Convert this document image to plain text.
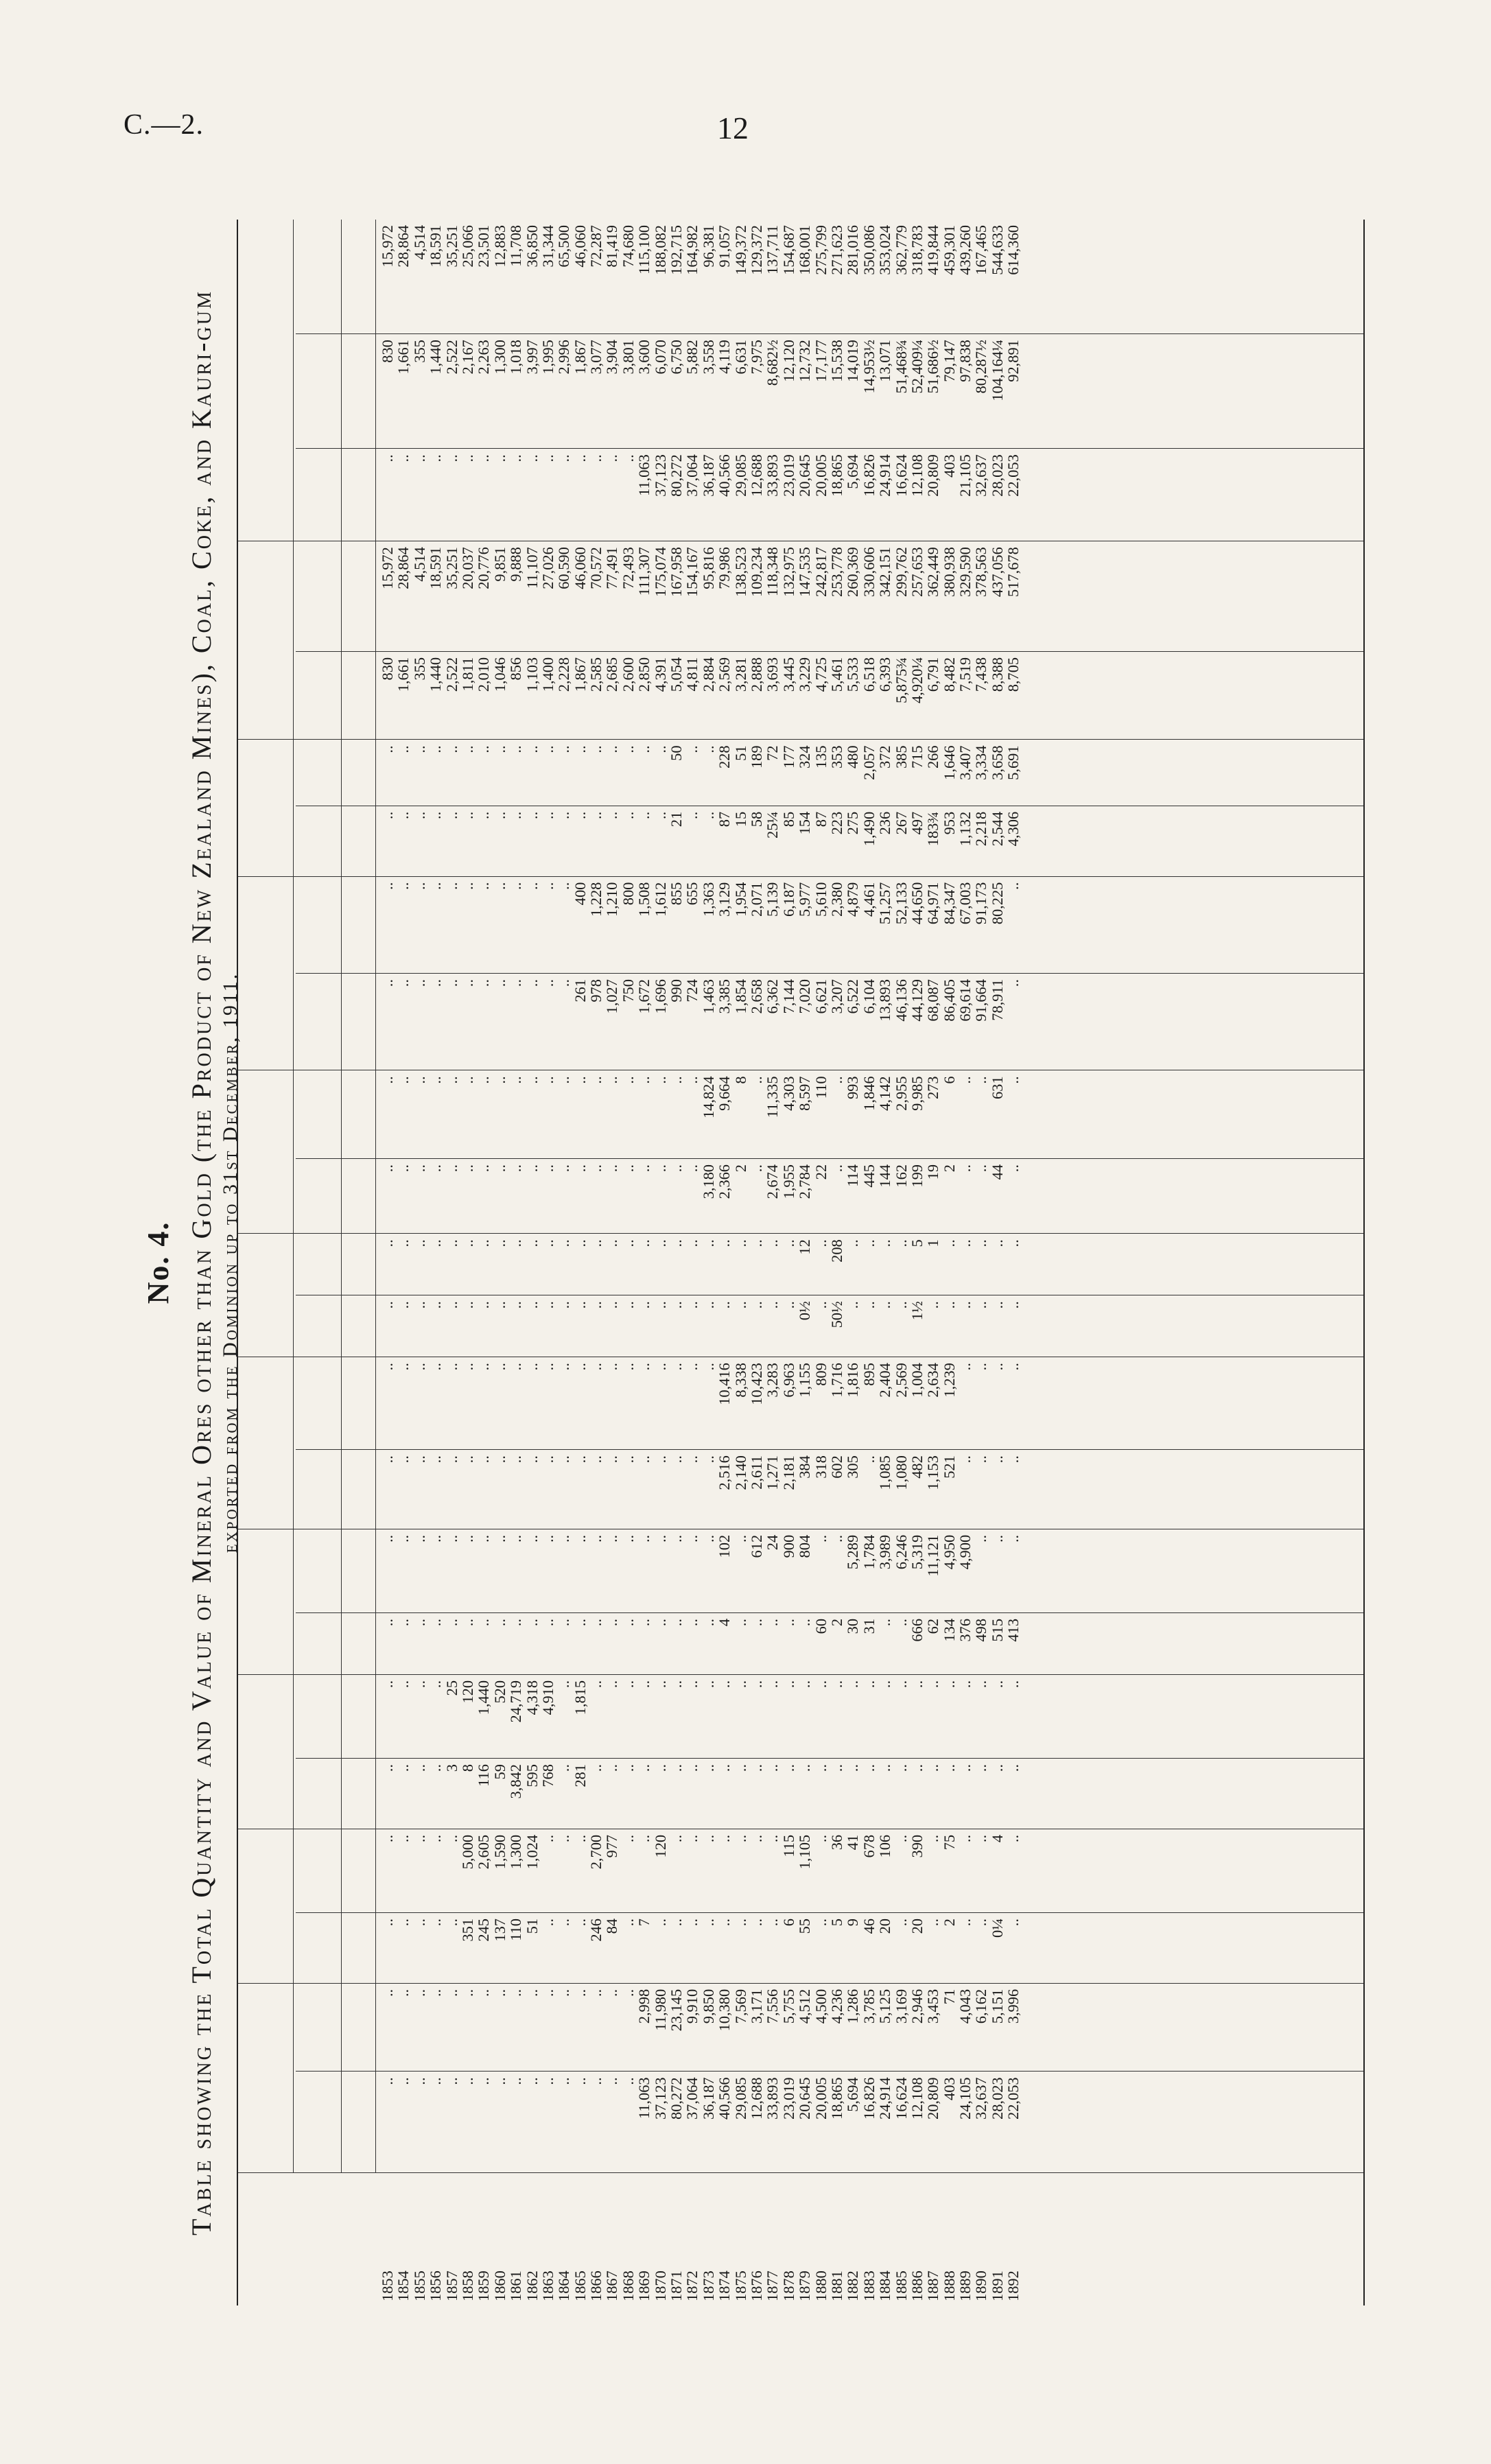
C.—2.	12
No. 4. Table showing the Total Quantity and Value of Mineral Ores other than Gold (the Product of New Zealand Mines), Coal, Coke, and Kauri-gum exported from the Dominion up to 31st December, 1911.
1853
1854
1855
1856
1857
1858
1859
1860
1861
1862
1863
1864
1865
1866
1867
1868
1869
1870
1871
1872
1873
1874
1875
1876
1877
1878
1879
1880
1881
1882
1883
1884
1885
1886
1887
1888
1889
1890
1891
1892
..
..
..
..
..
..
..
..
..
..
..
..
..
..
..
..
11,063
37,123
80,272
37,064
36,187
40,566
29,085
12,688
33,893
23,019
20,645
20,005
18,865
5,694
16,826
24,914
16,624
12,108
20,809
403
24,105
32,637
28,023
22,053
..
..
..
..
..
..
..
..
..
..
..
..
..
..
..
..
2,998
11,980
23,145
9,910
9,850
10,380
7,569
3,171
7,556
5,755
4,512
4,500
4,236
1,286
3,785
5,125
3,169
2,946
3,453
71
4,043
6,162
5,151
3,996
..
..
..
..
..
351
245
137
110
51
..
..
..
246
84
..
7
..
..
..
..
..
..
..
..
6
55
..
5
9
46
20
..
20
..
2
..
..
0¼
..
..
..
..
..
..
5,000
2,605
1,590
1,300
1,024
..
..
..
2,700
977
..
..
120
..
..
..
..
..
..
..
115
1,105
..
36
41
678
106
..
390
..
75
..
..
4
..
..
..
..
..
3
8
116
59
3,842
595
768
..
281
..
..
..
..
..
..
..
..
..
..
..
..
..
..
..
..
..
..
..
..
..
..
..
..
..
..
..
..
..
..
..
25
120
1,440
520
24,719
4,318
4,910
..
1,815
..
..
..
..
..
..
..
..
..
..
..
..
..
..
..
..
..
..
..
..
..
..
..
..
..
..
..
..
..
..
..
..
..
..
..
..
..
..
..
..
..
..
..
..
..
..
..
..
4
..
..
..
..
..
60
2
30
31
..
..
666
62
134
376
498
515
413
..
..
..
..
..
..
..
..
..
..
..
..
..
..
..
..
..
..
..
..
..
102
..
612
24
900
804
..
..
5,289
1,784
3,989
6,246
5,319
11,121
4,950
4,900
..
..
..
..
..
..
..
..
..
..
..
..
..
..
..
..
..
..
..
..
..
..
..
..
2,516
2,140
2,611
1,271
2,181
384
318
602
305
..
1,085
1,080
482
1,153
521
..
..
..
..
..
..
..
..
..
..
..
..
..
..
..
..
..
..
..
..
..
..
..
..
..
10,416
8,338
10,423
3,283
6,963
1,155
809
1,716
1,816
895
2,404
2,569
1,004
2,634
1,239
..
..
..
..
..
..
..
..
..
..
..
..
..
..
..
..
..
..
..
..
..
..
..
..
..
..
..
..
..
..
0½
..
50½
..
..
..
..
1½
..
..
..
..
..
..
..
..
..
..
..
..
..
..
..
..
..
..
..
..
..
..
..
..
..
..
..
..
..
..
..
..
12
..
208
..
..
..
..
5
1
..
..
..
..
..
..
..
..
..
..
..
..
..
..
..
..
..
..
..
..
..
..
..
..
..
3,180
2,366
2
..
2,674
1,955
2,784
22
..
114
445
144
162
199
19
2
..
..
44
..
..
..
..
..
..
..
..
..
..
..
..
..
..
..
..
..
..
..
..
..
14,824
9,664
8
..
11,335
4,303
8,597
110
..
993
1,846
4,142
2,955
9,985
273
6
..
..
631
..
..
..
..
..
..
..
..
..
..
..
..
..
261
978
1,027
750
1,672
1,696
990
724
1,463
3,385
1,854
2,658
6,362
7,144
7,020
6,621
3,207
6,522
6,104
13,893
46,136
44,129
68,087
86,405
69,614
91,664
78,911
..
..
..
..
..
..
..
..
..
..
..
..
..
400
1,228
1,210
800
1,508
1,612
855
655
1,363
3,129
1,954
2,071
5,139
6,187
5,977
5,610
2,380
4,879
4,461
51,257
52,133
44,650
64,971
84,347
67,003
91,173
80,225
..
..
..
..
..
..
..
..
..
..
..
..
..
..
..
..
..
..
..
21
..
..
87
15
58
25¼
85
154
87
223
275
1,490
236
267
497
183¾
953
1,132
2,218
2,544
4,306
..
..
..
..
..
..
..
..
..
..
..
..
..
..
..
..
..
..
50
..
..
228
51
189
72
177
324
135
353
480
2,057
372
385
715
266
1,646
3,407
3,334
3,658
5,691
830
1,661
355
1,440
2,522
1,811
2,010
1,046
856
1,103
1,400
2,228
1,867
2,585
2,685
2,600
2,850
4,391
5,054
4,811
2,884
2,569
3,281
2,888
3,693
3,445
3,229
4,725
5,461
5,533
6,518
6,393
5,875¾
4,920¼
6,791
8,482
7,519
7,438
8,388
8,705
15,972
28,864
4,514
18,591
35,251
20,037
20,776
9,851
9,888
11,107
27,026
60,590
46,060
70,572
77,491
72,493
111,307
175,074
167,958
154,167
95,816
79,986
138,523
109,234
118,348
132,975
147,535
242,817
253,778
260,369
330,606
342,151
299,762
257,653
362,449
380,938
329,590
378,563
437,056
517,678
..
..
..
..
..
..
..
..
..
..
..
..
..
..
..
..
11,063
37,123
80,272
37,064
36,187
40,566
29,085
12,688
33,893
23,019
20,645
20,005
18,865
5,694
16,826
24,914
16,624
12,108
20,809
403
21,105
32,637
28,023
22,053
830
1,661
355
1,440
2,522
2,167
2,263
1,300
1,018
3,997
1,995
2,996
1,867
3,077
3,904
3,801
3,600
6,070
6,750
5,882
3,558
4,119
6,631
7,975
8,682½
12,120
12,732
17,177
15,538
14,019
14,953½
13,071
51,468¾
52,409¼
51,686½
79,147
97,838
80,287½
104,164¼
92,891
15,972
28,864
4,514
18,591
35,251
25,066
23,501
12,883
11,708
36,850
31,344
65,500
46,060
72,287
81,419
74,680
115,100
188,082
192,715
164,982
96,381
91,057
149,372
129,372
137,711
154,687
168,001
275,799
271,623
281,016
350,086
353,024
362,779
318,783
419,844
459,301
439,260
167,465
544,633
614,360
